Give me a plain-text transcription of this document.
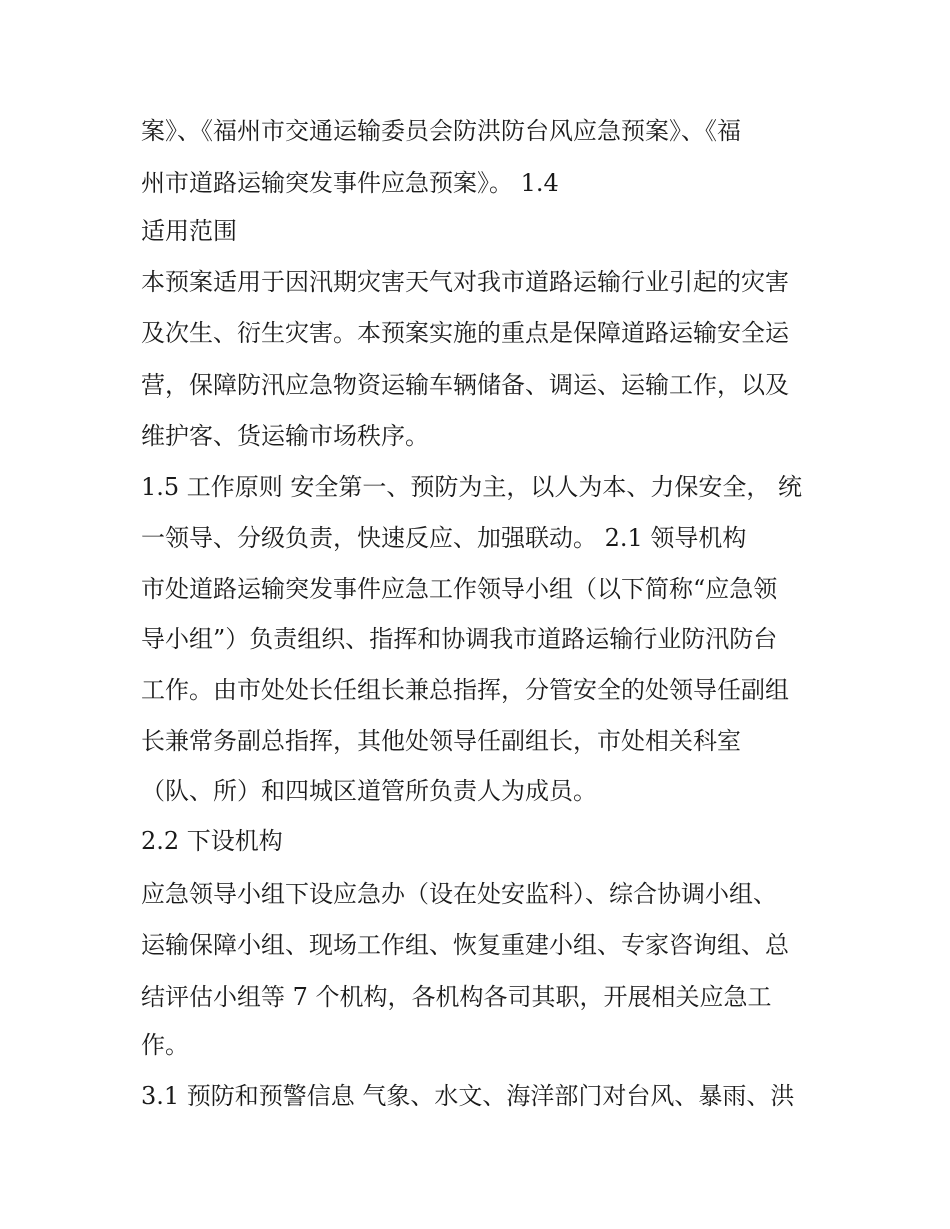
案》、《福州市交通运输委员会防洪防台风应急预案》、《福
州市道路运输突发事件应急预案》。 1.4
适用范围
本预案适用于因汛期灾害天气对我市道路运输行业引起的灾害
及次生、衍生灾害。本预案实施的重点是保障道路运输安全运
营，保障防汛应急物资运输车辆储备、调运、运输工作，以及
维护客、货运输市场秩序。
1.5 工作原则 安全第一、预防为主，以人为本、力保安全， 统
一领导、分级负责，快速反应、加强联动。 2.1 领导机构
市处道路运输突发事件应急工作领导小组（以下简称“应急领
导小组”）负责组织、指挥和协调我市道路运输行业防汛防台
工作。由市处处长任组长兼总指挥，分管安全的处领导任副组
长兼常务副总指挥，其他处领导任副组长，市处相关科室
（队、所）和四城区道管所负责人为成员。
2.2 下设机构
应急领导小组下设应急办（设在处安监科）、综合协调小组、
运输保障小组、现场工作组、恢复重建小组、专家咨询组、总
结评估小组等 7 个机构，各机构各司其职，开展相关应急工
作。
3.1 预防和预警信息 气象、水文、海洋部门对台风、暴雨、洪
